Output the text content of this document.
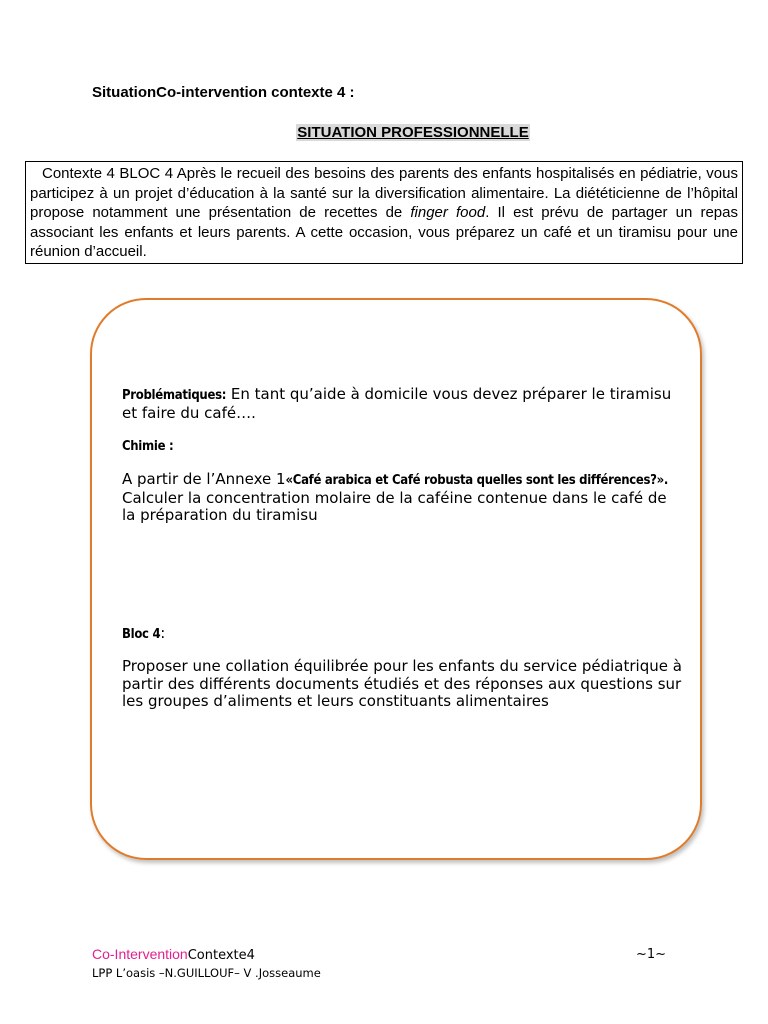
SituationCo-intervention contexte 4 :
SITUATION PROFESSIONNELLE
Contexte 4 BLOC 4 Après le recueil des besoins des parents des enfants hospitalisés en pédiatrie, vous participez à un projet d’éducation à la santé sur la diversification alimentaire. La diététicienne de l’hôpital propose notamment une présentation de recettes de finger food. Il est prévu de partager un repas associant les enfants et leurs parents. A cette occasion, vous préparez un café et un tiramisu pour une réunion d’accueil.
Problématiques: En tant qu’aide à domicile vous devez préparer le tiramisu et faire du café….
Chimie :
A partir de l’Annexe 1«Café arabica et Café robusta quelles sont les différences?». Calculer la concentration molaire de la caféine contenue dans le café de la préparation du tiramisu
Bloc 4:
Proposer une collation équilibrée pour les enfants du service pédiatrique à partir des différents documents étudiés et des réponses aux questions sur les groupes d’aliments et leurs constituants alimentaires
Co-InterventionContexte4	~1~
LPP L’oasis –N.GUILLOUF– V .Josseaume
